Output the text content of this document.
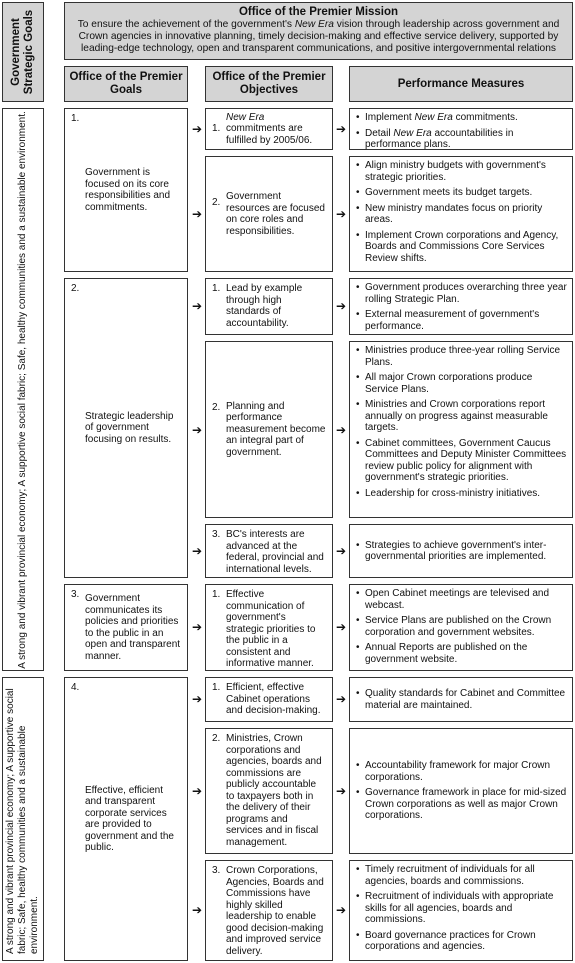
Office of the Premier Mission
To ensure the achievement of the government's New Era vision through leadership across government and Crown agencies in innovative planning, timely decision-making and effective service delivery, supported by leading-edge technology, open and transparent communications, and positive intergovernmental relations
Government Strategic Goals	Office of the Premier Goals
Office of the Premier Objectives
Performance Measures
A strong and vibrant provincial economy; A supportive social fabric; Safe, healthy communities and a sustainable environment.
A strong and vibrant provincial economy; A supportive social fabric; Safe, healthy communities and a sustainable environment.
1.
Government is focused on its core responsibilities and commitments.
2.
Strategic leadership of government focusing on results.
3. Government communicates its policies and priorities to the public in an open and transparent manner.
4.
Effective, efficient and transparent corporate services are provided to government and the public.
1.
New Era commitments are fulfilled by 2005/06.
2.
Government resources are focused on core roles and responsibilities.
1. Lead by example through high standards of accountability.
2. Planning and performance measurement become an integral part of government.
3. BC's interests are advanced at the federal, provincial and international levels.
1. Effective communication of government's strategic priorities to the public in a consistent and informative manner.
1. Efficient, effective Cabinet operations and decision-making.
2. Ministries, Crown corporations and agencies, boards and commissions are publicly accountable to taxpayers both in the delivery of their programs and services and in fiscal management.
3. Crown Corporations, Agencies, Boards and Commissions have highly skilled leadership to enable good decision-making and improved service delivery.
• Implement New Era commitments.
• Detail New Era accountabilities in performance plans.
• Align ministry budgets with government's strategic priorities.
• Government meets its budget targets.
• New ministry mandates focus on priority areas.
• Implement Crown corporations and Agency, Boards and Commissions Core Services Review shifts.
• Government produces overarching three year rolling Strategic Plan.
• External measurement of government's performance.
• Ministries produce three-year rolling Service Plans.
• All major Crown corporations produce Service Plans.
• Ministries and Crown corporations report annually on progress against measurable targets.
• Cabinet committees, Government Caucus Committees and Deputy Minister Committees review public policy for alignment with government's strategic priorities.
• Leadership for cross-ministry initiatives.
• Strategies to achieve government's inter-governmental priorities are implemented.
• Open Cabinet meetings are televised and webcast.
• Service Plans are published on the Crown corporation and government websites.
• Annual Reports are published on the government website.
• Quality standards for Cabinet and Committee material are maintained.
• Accountability framework for major Crown corporations.
• Governance framework in place for mid-sized Crown corporations as well as major Crown corporations.
• Timely recruitment of individuals for all agencies, boards and commissions.
• Recruitment of individuals with appropriate skills for all agencies, boards and commissions.
• Board governance practices for Crown corporations and agencies.
➔
➔
➔
➔
➔
➔
➔
➔
➔
➔
➔
➔
➔
➔
➔
➔
➔
➔
